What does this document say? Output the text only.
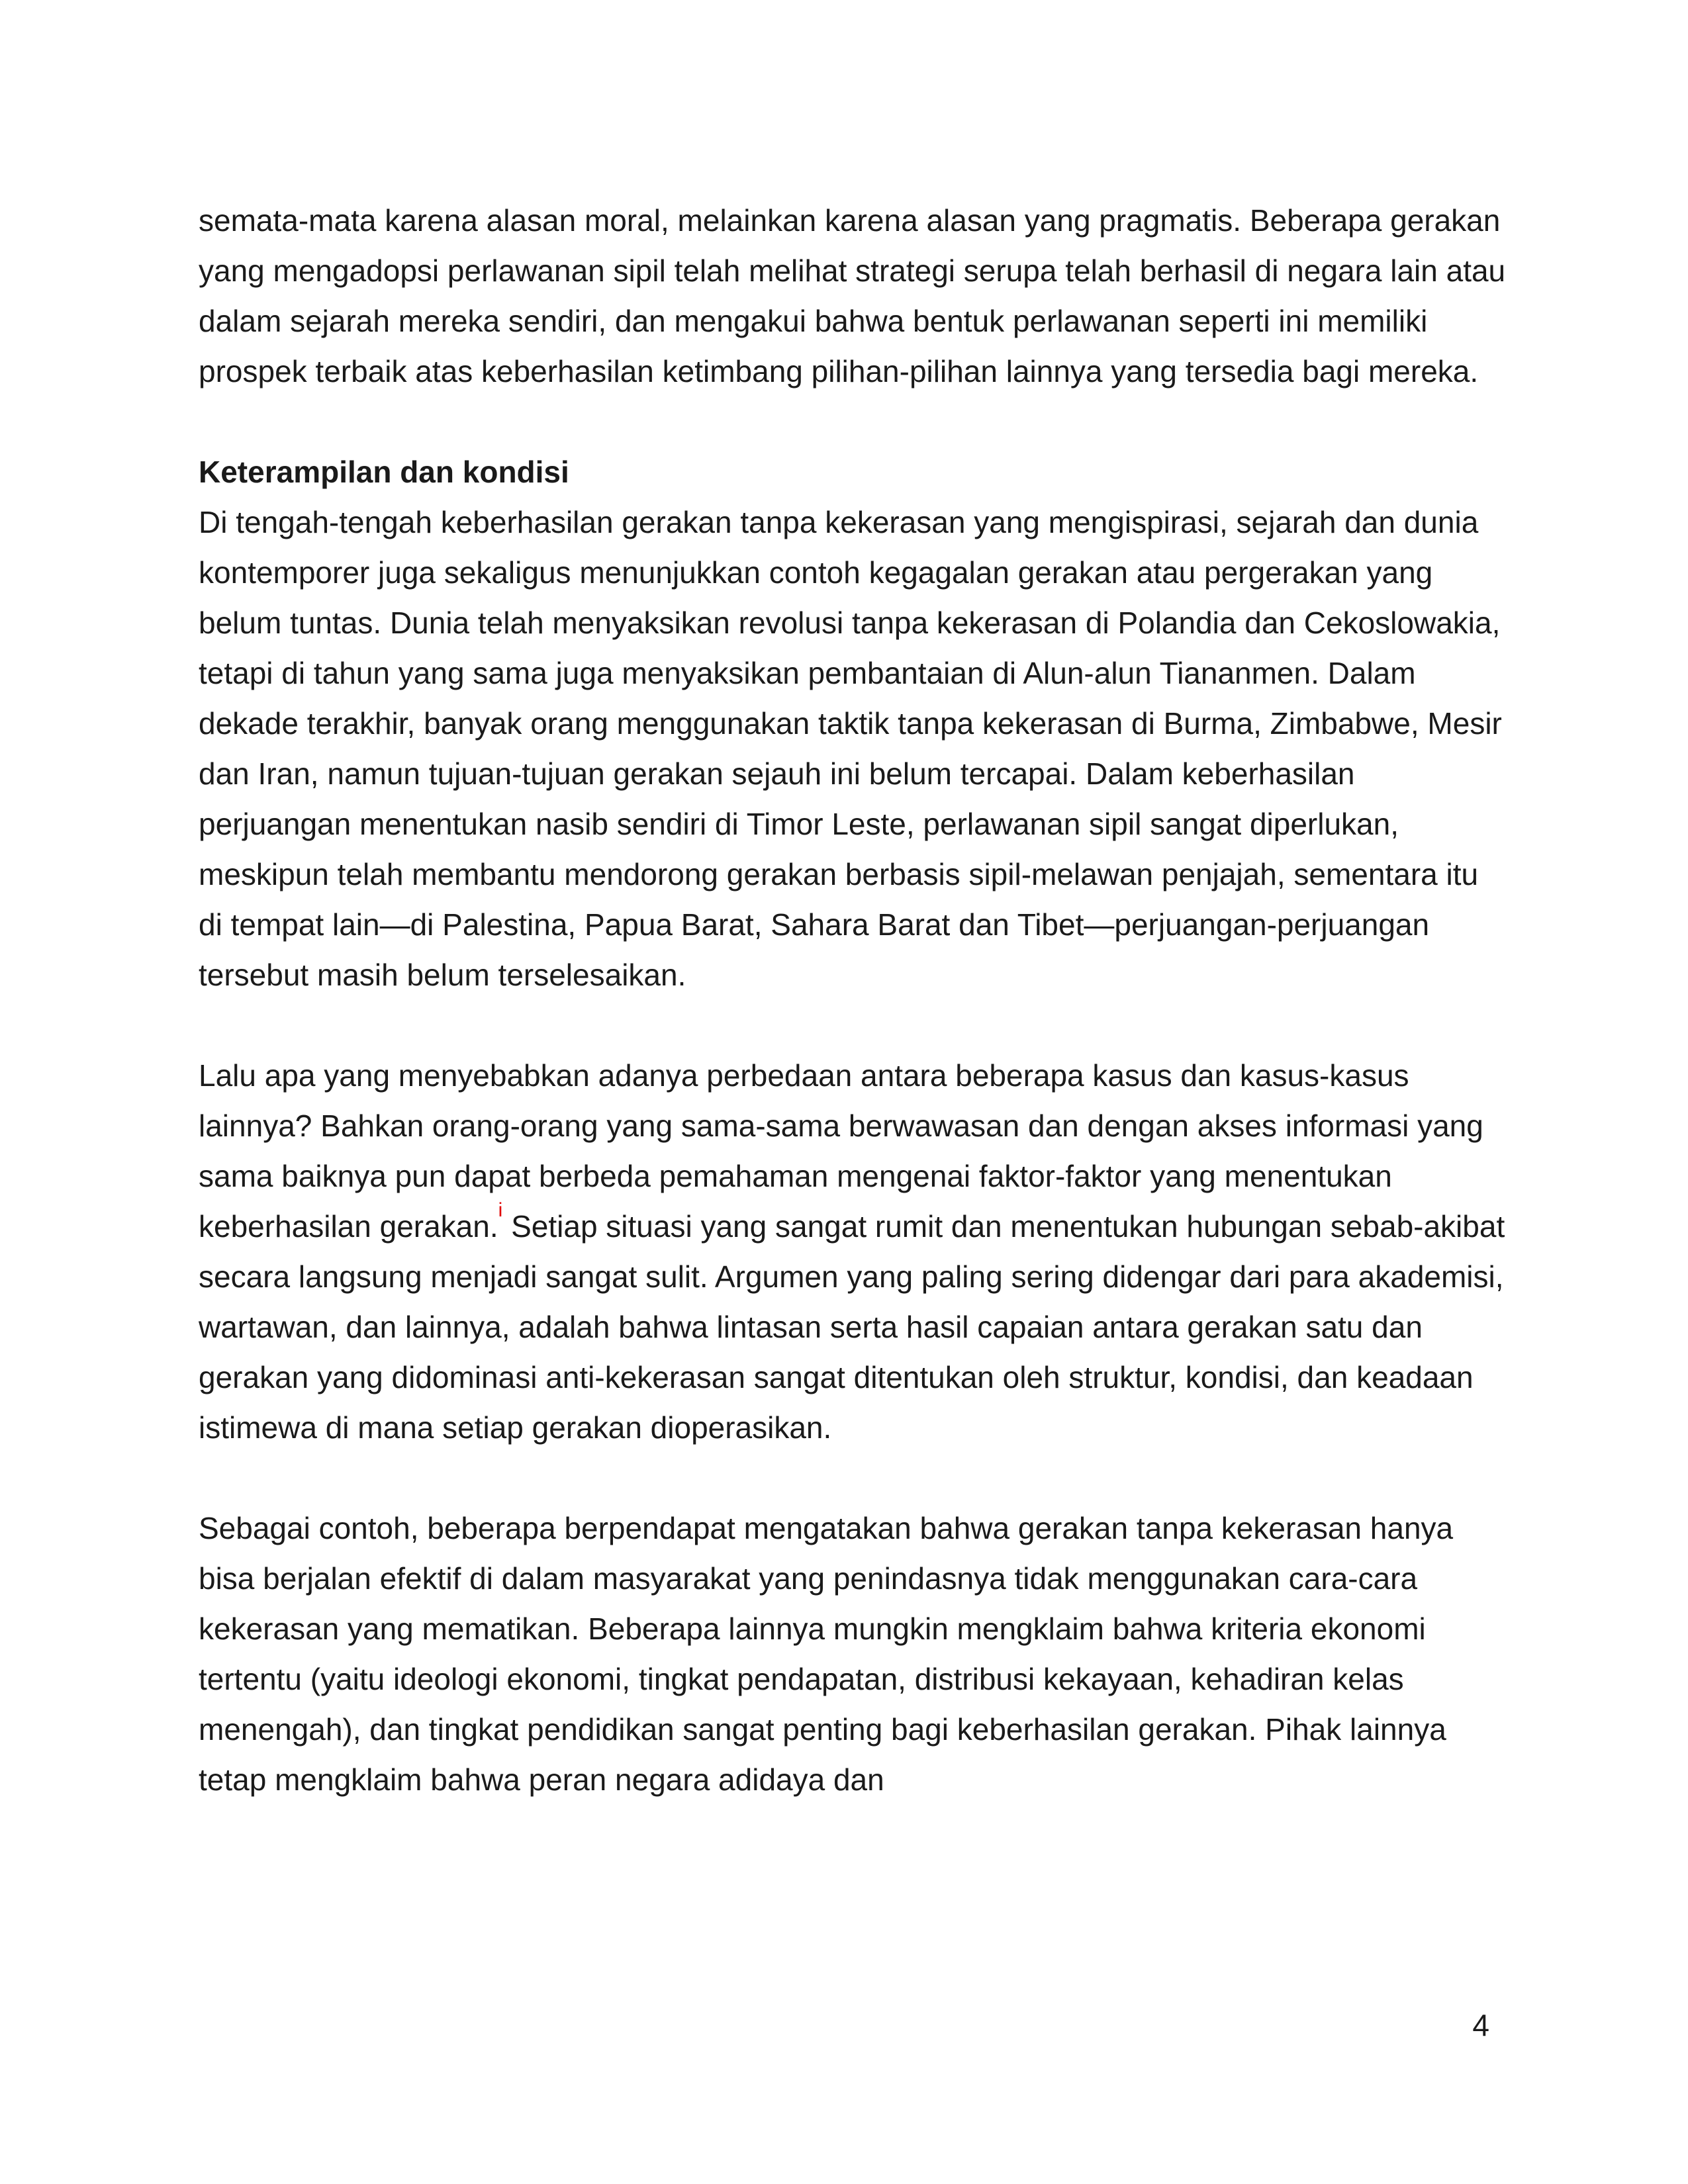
semata-mata karena alasan moral, melainkan karena alasan yang pragmatis. Beberapa gerakan yang mengadopsi perlawanan sipil telah melihat strategi serupa telah berhasil di negara lain atau dalam sejarah mereka sendiri, dan mengakui bahwa bentuk perlawanan seperti ini memiliki prospek terbaik atas keberhasilan ketimbang pilihan-pilihan lainnya yang tersedia bagi mereka.

Keterampilan dan kondisi

Di tengah-tengah keberhasilan gerakan tanpa kekerasan yang mengispirasi, sejarah dan dunia kontemporer juga sekaligus menunjukkan contoh kegagalan gerakan atau pergerakan yang belum tuntas. Dunia telah menyaksikan revolusi tanpa kekerasan di Polandia dan Cekoslowakia, tetapi di tahun yang sama juga menyaksikan pembantaian di Alun-alun Tiananmen. Dalam dekade terakhir, banyak orang menggunakan taktik tanpa kekerasan di Burma, Zimbabwe, Mesir dan Iran, namun tujuan-tujuan gerakan sejauh ini belum tercapai. Dalam keberhasilan perjuangan menentukan nasib sendiri di Timor Leste, perlawanan sipil sangat diperlukan, meskipun telah membantu mendorong gerakan berbasis sipil-melawan penjajah, sementara itu di tempat lain—di Palestina, Papua Barat, Sahara Barat dan Tibet—perjuangan-perjuangan tersebut masih belum terselesaikan.

Lalu apa yang menyebabkan adanya perbedaan antara beberapa kasus dan kasus-kasus lainnya? Bahkan orang-orang yang sama-sama berwawasan dan dengan akses informasi yang sama baiknya pun dapat berbeda pemahaman mengenai faktor-faktor yang menentukan keberhasilan gerakan.$^i$ Setiap situasi yang sangat rumit dan menentukan hubungan sebab-akibat secara langsung menjadi sangat sulit. Argumen yang paling sering didengar dari para akademisi, wartawan, dan lainnya, adalah bahwa lintasan serta hasil capaian antara gerakan satu dan gerakan yang didominasi anti-kekerasan sangat ditentukan oleh struktur, kondisi, dan keadaan istimewa di mana setiap gerakan dioperasikan.

Sebagai contoh, beberapa berpendapat mengatakan bahwa gerakan tanpa kekerasan hanya bisa berjalan efektif di dalam masyarakat yang penindasnya tidak menggunakan cara-cara kekerasan yang mematikan. Beberapa lainnya mungkin mengklaim bahwa kriteria ekonomi tertentu (yaitu ideologi ekonomi, tingkat pendapatan, distribusi kekayaan, kehadiran kelas menengah), dan tingkat pendidikan sangat penting bagi keberhasilan gerakan. Pihak lainnya tetap mengklaim bahwa peran negara adidaya dan

4
